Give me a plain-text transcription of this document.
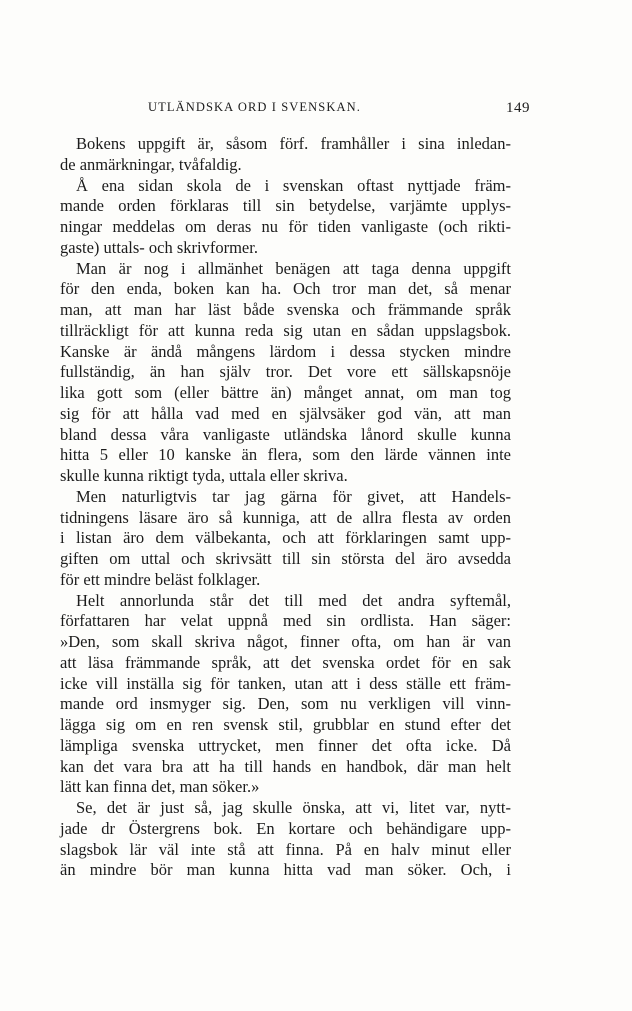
UTLÄNDSKA ORD I SVENSKAN.	149
Bokens uppgift är, såsom förf. framhåller i sina inledan-
de anmärkningar, tvåfaldig.
Å ena sidan skola de i svenskan oftast nyttjade främ-
mande orden förklaras till sin betydelse, varjämte upplys-
ningar meddelas om deras nu för tiden vanligaste (och rikti-
gaste) uttals- och skrivformer.
Man är nog i allmänhet benägen att taga denna uppgift
för den enda, boken kan ha. Och tror man det, så menar
man, att man har läst både svenska och främmande språk
tillräckligt för att kunna reda sig utan en sådan uppslagsbok.
Kanske är ändå mångens lärdom i dessa stycken mindre
fullständig, än han själv tror. Det vore ett sällskapsnöje
lika gott som (eller bättre än) månget annat, om man tog
sig för att hålla vad med en självsäker god vän, att man
bland dessa våra vanligaste utländska lånord skulle kunna
hitta 5 eller 10 kanske än flera, som den lärde vännen inte
skulle kunna riktigt tyda, uttala eller skriva.
Men naturligtvis tar jag gärna för givet, att Handels-
tidningens läsare äro så kunniga, att de allra flesta av orden
i listan äro dem välbekanta, och att förklaringen samt upp-
giften om uttal och skrivsätt till sin största del äro avsedda
för ett mindre beläst folklager.
Helt annorlunda står det till med det andra syftemål,
författaren har velat uppnå med sin ordlista. Han säger:
»Den, som skall skriva något, finner ofta, om han är van
att läsa främmande språk, att det svenska ordet för en sak
icke vill inställa sig för tanken, utan att i dess ställe ett främ-
mande ord insmyger sig. Den, som nu verkligen vill vinn-
lägga sig om en ren svensk stil, grubblar en stund efter det
lämpliga svenska uttrycket, men finner det ofta icke. Då
kan det vara bra att ha till hands en handbok, där man helt
lätt kan finna det, man söker.»
Se, det är just så, jag skulle önska, att vi, litet var, nytt-
jade dr Östergrens bok. En kortare och behändigare upp-
slagsbok lär väl inte stå att finna. På en halv minut eller
än mindre bör man kunna hitta vad man söker. Och, i
